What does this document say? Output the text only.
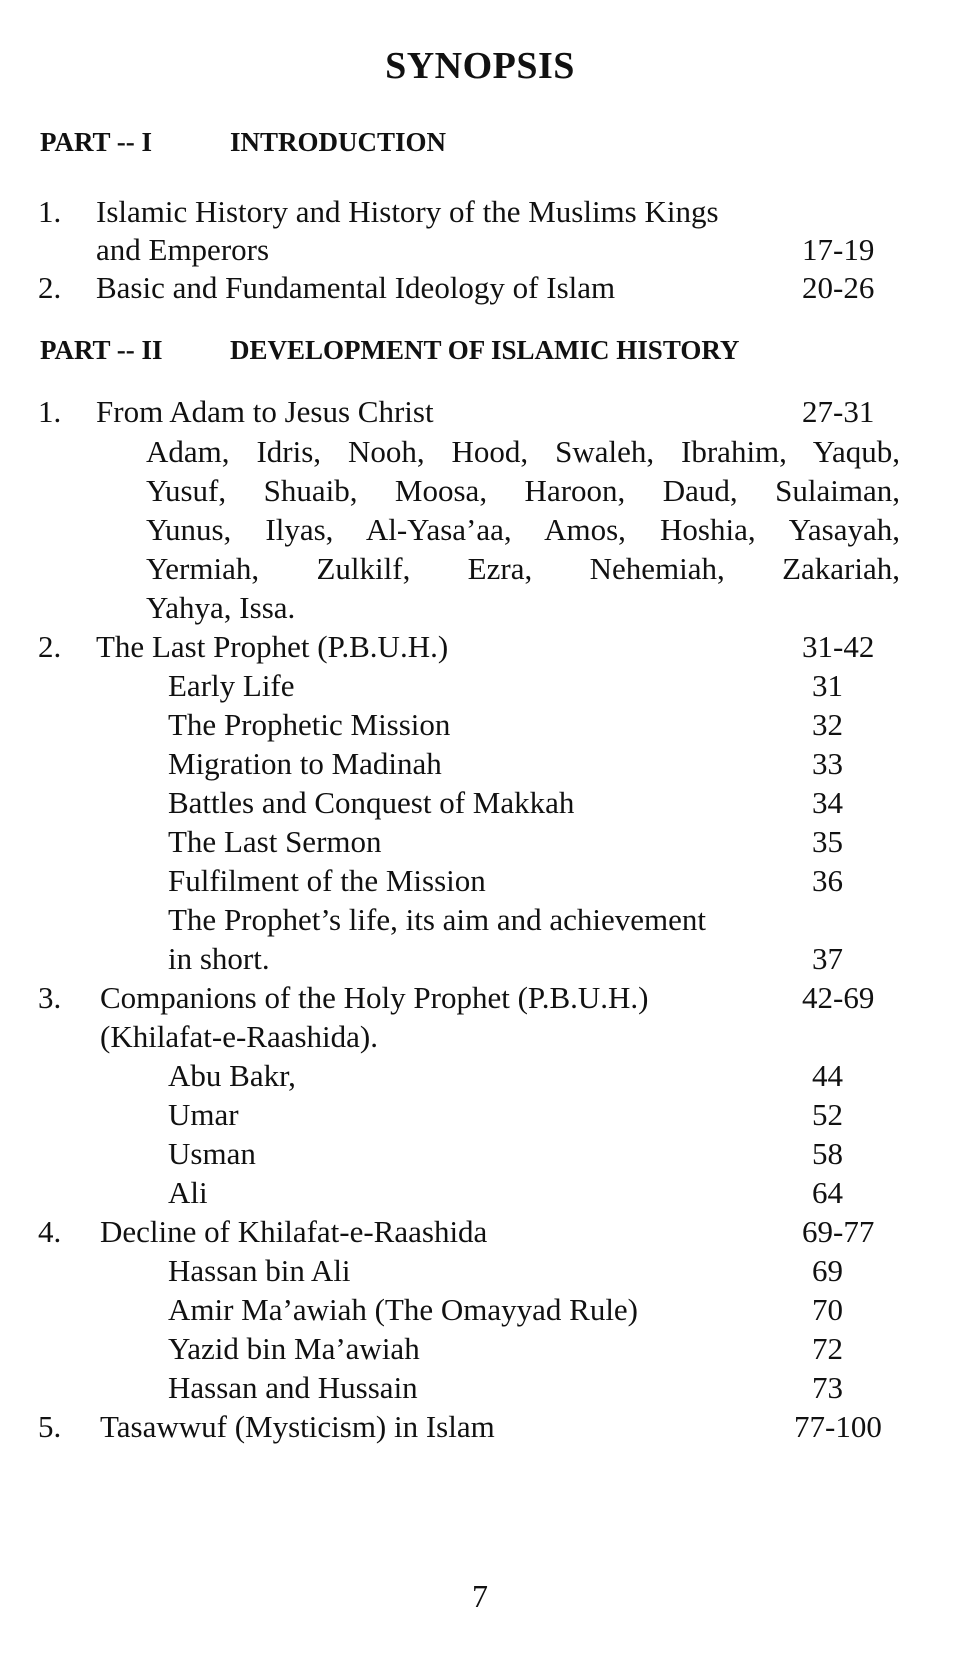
SYNOPSIS
PART -- I	INTRODUCTION
1. Islamic History and History of the Muslims Kings
and Emperors	17-19
2. Basic and Fundamental Ideology of Islam	20-26
PART -- II DEVELOPMENT OF ISLAMIC HISTORY
1. From Adam to Jesus Christ	27-31
Adam, Idris, Nooh, Hood, Swaleh, Ibrahim, Yaqub,
Yusuf, Shuaib, Moosa, Haroon, Daud, Sulaiman,
Yunus, Ilyas, Al-Yasa’aa, Amos, Hoshia, Yasayah,
Yermiah, Zulkilf, Ezra, Nehemiah, Zakariah,
Yahya, Issa.
2. The Last Prophet (P.B.U.H.)	31-42
Early Life	31
The Prophetic Mission	32
Migration to Madinah	33
Battles and Conquest of Makkah	34
The Last Sermon	35
Fulfilment of the Mission	36
The Prophet’s life, its aim and achievement
in short.	37
3. Companions of the Holy Prophet (P.B.U.H.)	42-69
(Khilafat-e-Raashida).
Abu Bakr,	44
Umar	52
Usman	58
Ali	64
4. Decline of Khilafat-e-Raashida	69-77
Hassan bin Ali	69
Amir Ma’awiah (The Omayyad Rule)	70
Yazid bin Ma’awiah	72
Hassan and Hussain	73
5. Tasawwuf (Mysticism) in Islam	77-100
7
